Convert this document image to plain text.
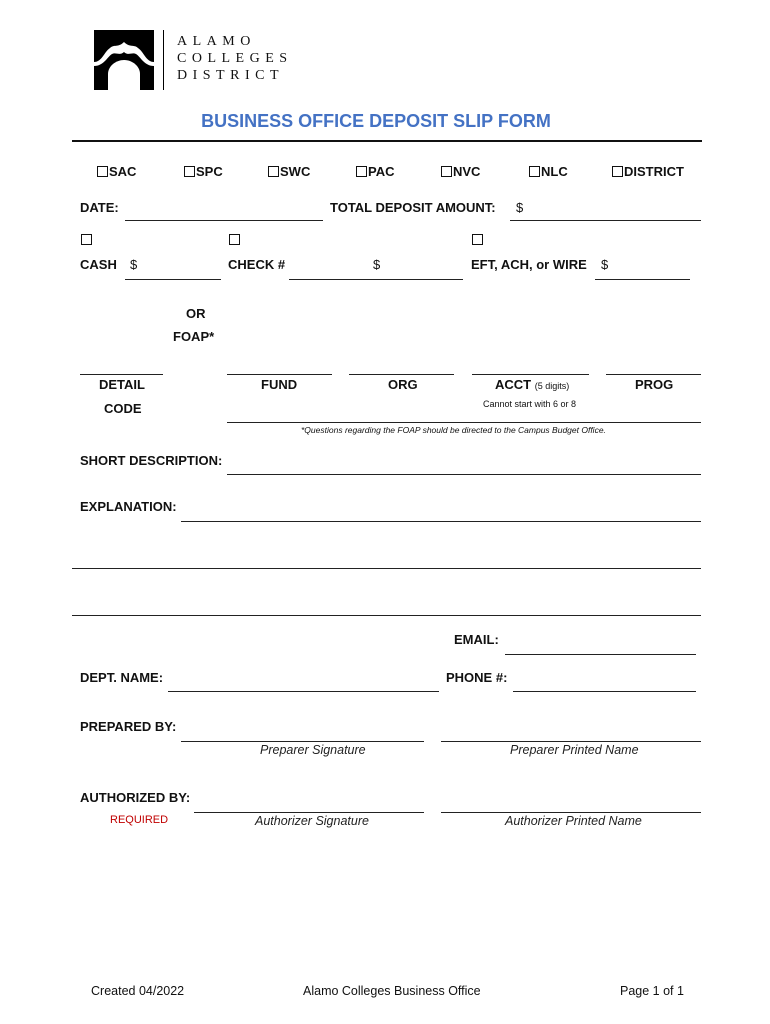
ALAMO
COLLEGES
DISTRICT
BUSINESS OFFICE DEPOSIT SLIP FORM
SAC	SPC	SWC	PAC	NVC	NLC	DISTRICT
DATE:	TOTAL DEPOSIT AMOUNT: $
CASH $	CHECK #	$	EFT, ACH, or WIRE $
OR
FOAP*
DETAIL
CODE
FUND	ORG	ACCT (5 digits)	PROG
Cannot start with 6 or 8
*Questions regarding the FOAP should be directed to the Campus Budget Office.
SHORT DESCRIPTION:
EXPLANATION:
EMAIL:
DEPT. NAME:	PHONE #:
PREPARED BY:
Preparer Signature	Preparer Printed Name
AUTHORIZED BY:
REQUIRED	Authorizer Signature	Authorizer Printed Name
Created 04/2022	Alamo Colleges Business Office	Page 1 of 1
